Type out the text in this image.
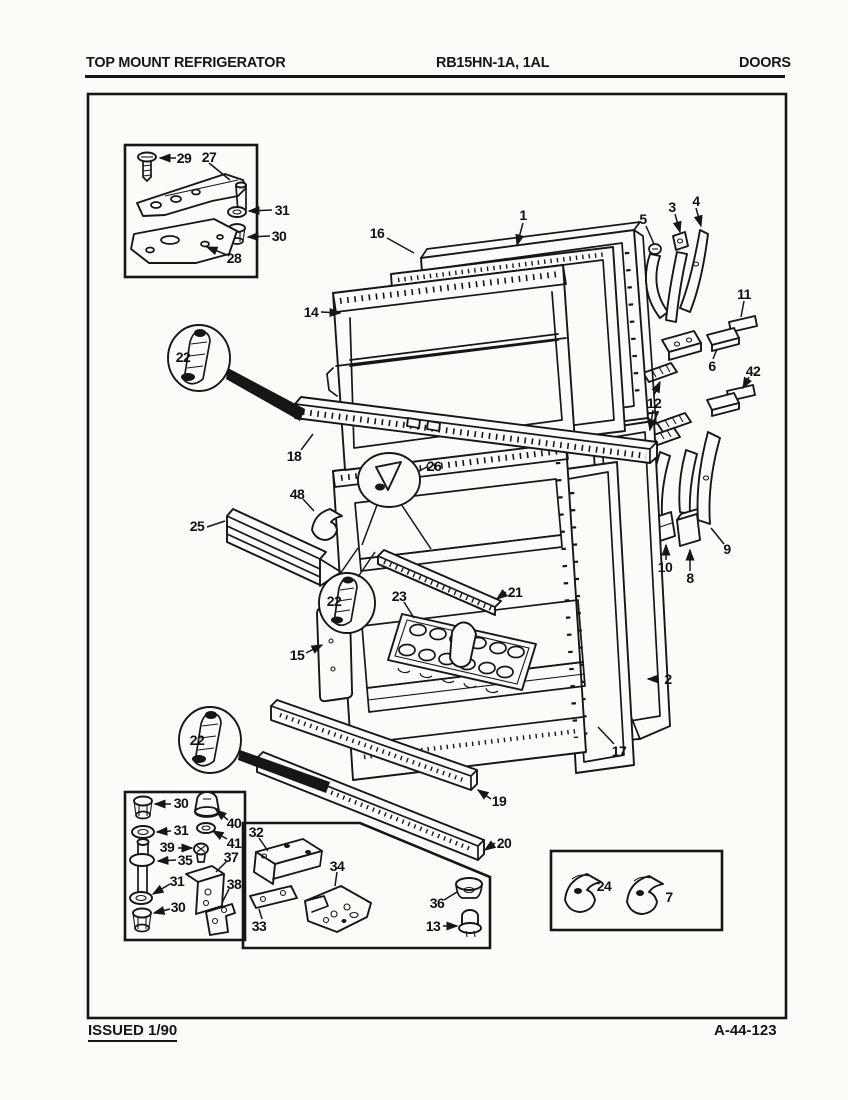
TOP MOUNT REFRIGERATOR	RB15HN-1A, 1AL	DOORS
29 27
31
30
28
16
1	5
3 4
11
14
6 42
12
22
18
26
48
25
10
8
9
22	23	21
15
2
17
22
19
20
30
40
31
41
39
35 37
31	38
30
32
34
33
36
13
24
7
ISSUED 1/90	A-44-123
